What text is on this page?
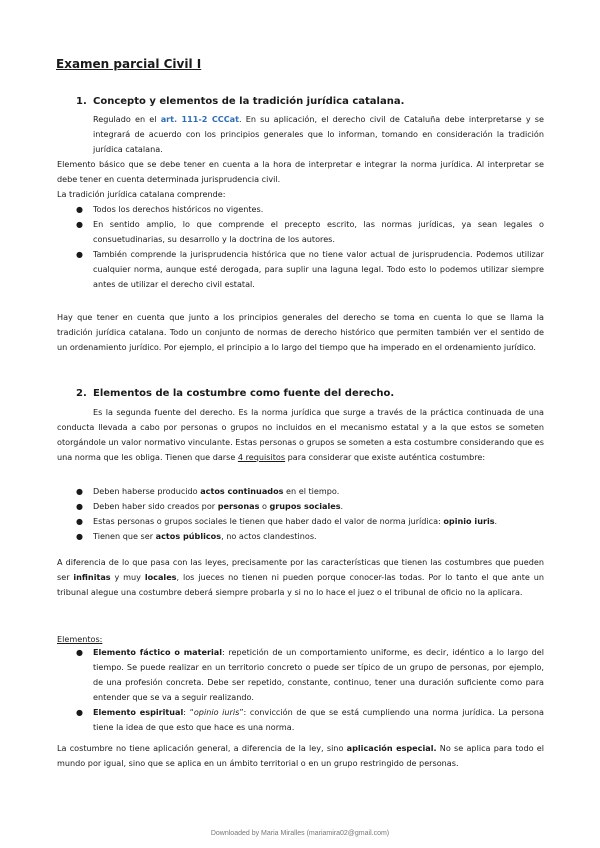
Examen parcial Civil I
1. Concepto y elementos de la tradición jurídica catalana.

Regulado en el art. 111-2 CCCat. En su aplicación, el derecho civil de Cataluña debe interpretarse y se integrará de acuerdo con los principios generales que lo informan, tomando en consideración la tradición jurídica catalana.

Elemento básico que se debe tener en cuenta a la hora de interpretar e integrar la norma jurídica. Al interpretar se debe tener en cuenta determinada jurisprudencia civil.

La tradición jurídica catalana comprende:

● Todos los derechos históricos no vigentes.
● En sentido amplio, lo que comprende el precepto escrito, las normas jurídicas, ya sean legales o consuetudinarias, su desarrollo y la doctrina de los autores.
● También comprende la jurisprudencia histórica que no tiene valor actual de jurisprudencia. Podemos utilizar cualquier norma, aunque esté derogada, para suplir una laguna legal. Todo esto lo podemos utilizar siempre antes de utilizar el derecho civil estatal.

Hay que tener en cuenta que junto a los principios generales del derecho se toma en cuenta lo que se llama la tradición jurídica catalana. Todo un conjunto de normas de derecho histórico que permiten también ver el sentido de un ordenamiento jurídico. Por ejemplo, el principio a lo largo del tiempo que ha imperado en el ordenamiento jurídico.

2. Elementos de la costumbre como fuente del derecho.

Es la segunda fuente del derecho. Es la norma jurídica que surge a través de la práctica continuada de una conducta llevada a cabo por personas o grupos no incluidos en el mecanismo estatal y a la que estos se someten otorgándole un valor normativo vinculante. Estas personas o grupos se someten a esta costumbre considerando que es una norma que les obliga. Tienen que darse 4 requisitos para considerar que existe auténtica costumbre:

● Deben haberse producido actos continuados en el tiempo.
● Deben haber sido creados por personas o grupos sociales.
● Estas personas o grupos sociales le tienen que haber dado el valor de norma jurídica: opinio iuris.
● Tienen que ser actos públicos, no actos clandestinos.

A diferencia de lo que pasa con las leyes, precisamente por las características que tienen las costumbres que pueden ser infinitas y muy locales, los jueces no tienen ni pueden porque conocer-las todas. Por lo tanto el que ante un tribunal alegue una costumbre deberá siempre probarla y si no lo hace el juez o el tribunal de oficio no la aplicara.

Elementos:

● Elemento fáctico o material: repetición de un comportamiento uniforme, es decir, idéntico a lo largo del tiempo. Se puede realizar en un territorio concreto o puede ser típico de un grupo de personas, por ejemplo, de una profesión concreta. Debe ser repetido, constante, continuo, tener una duración suficiente como para entender que se va a seguir realizando.
● Elemento espiritual: “opinio iuris”: convicción de que se está cumpliendo una norma jurídica. La persona tiene la idea de que esto que hace es una norma.

La costumbre no tiene aplicación general, a diferencia de la ley, sino aplicación especial. No se aplica para todo el mundo por igual, sino que se aplica en un ámbito territorial o en un grupo restringido de personas.

Downloaded by Maria Miralles (mariamira02@gmail.com)
